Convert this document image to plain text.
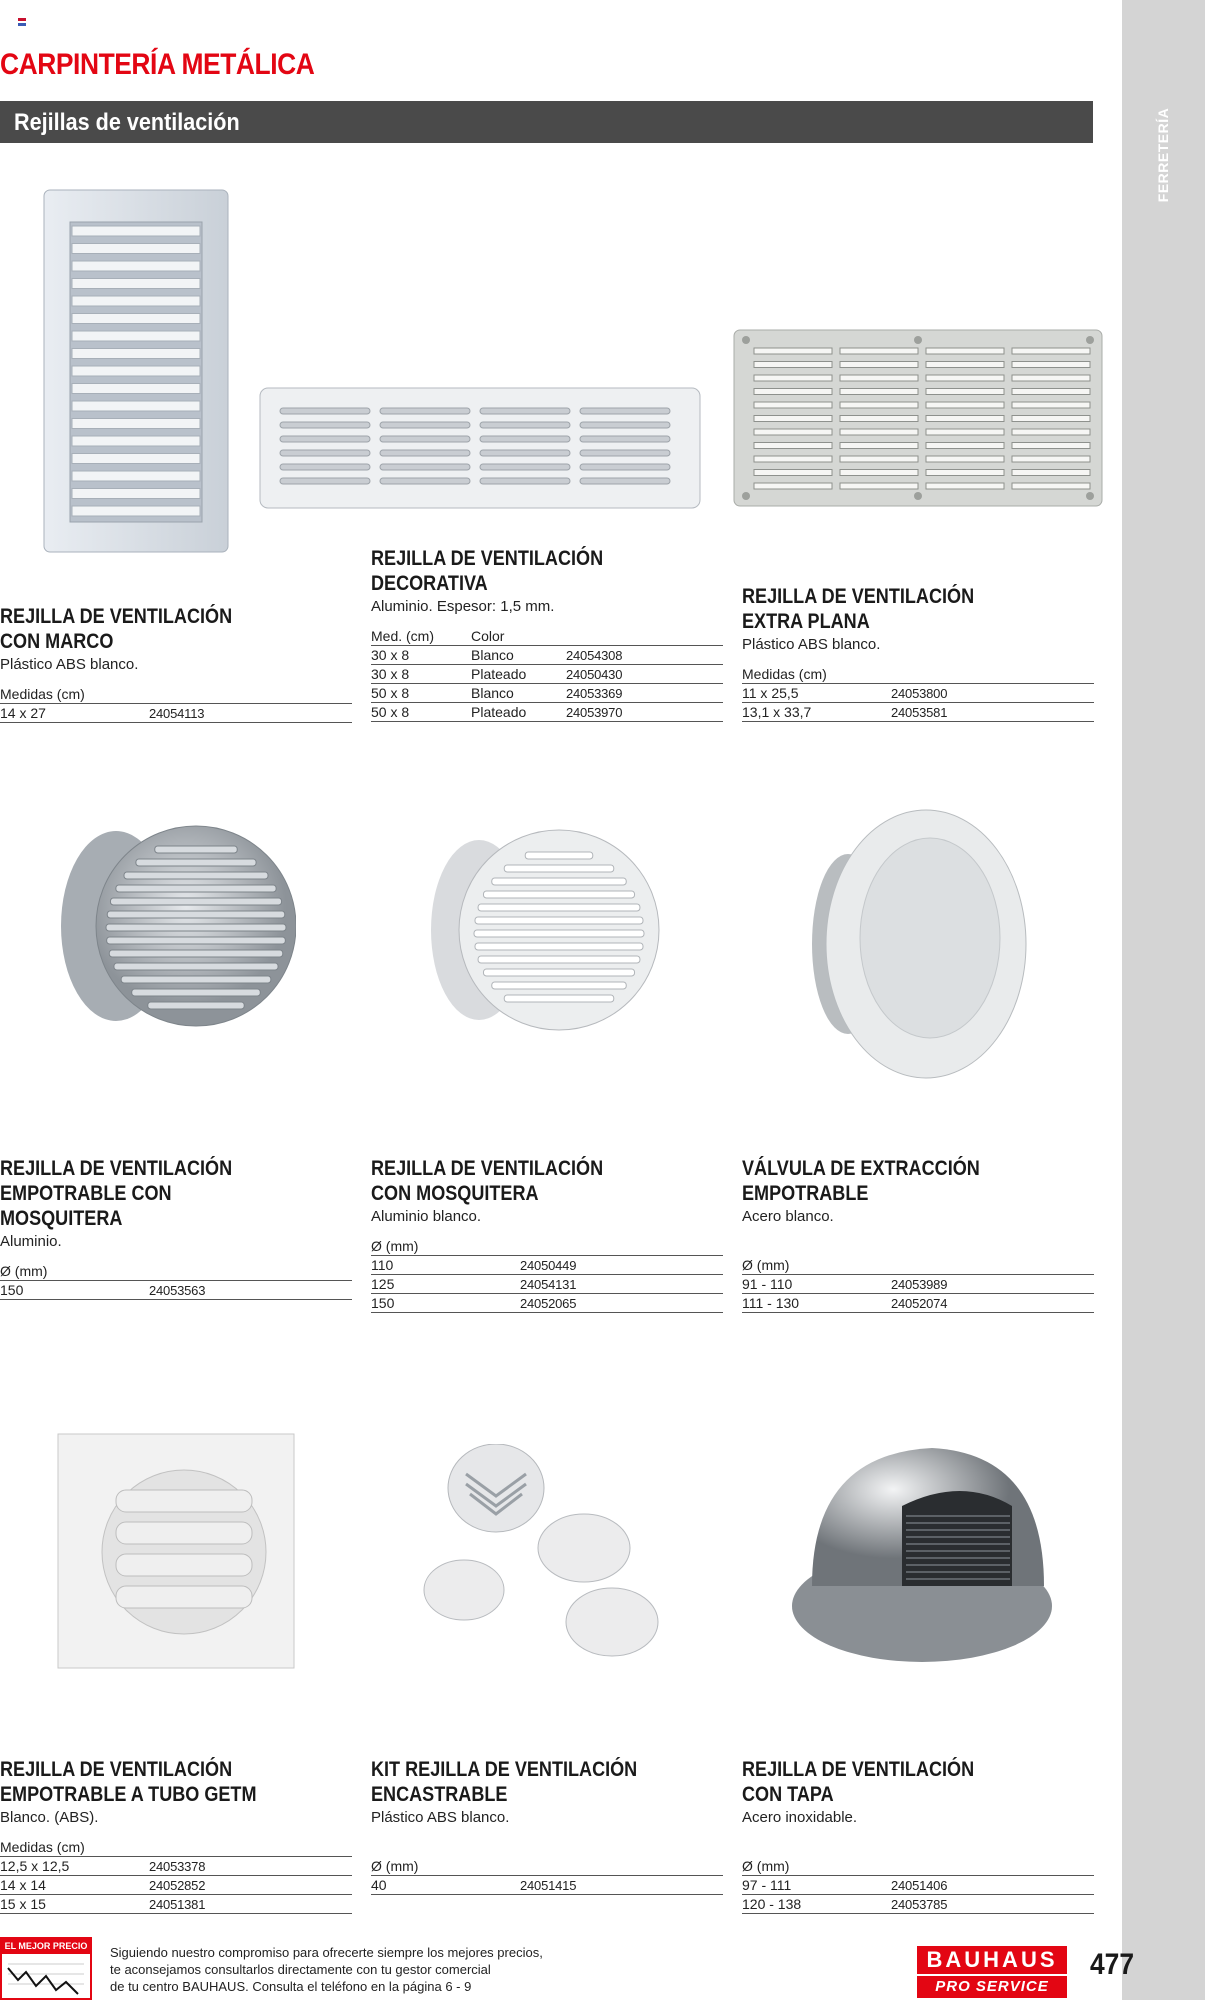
FERRETERÍA
CARPINTERÍA METÁLICA
Rejillas de ventilación
REJILLA DE VENTILACIÓN
CON MARCO
Plástico ABS blanco.
Medidas (cm)
14 x 27	24054113
REJILLA DE VENTILACIÓN
DECORATIVA
Aluminio. Espesor: 1,5 mm.
Med. (cm)	Color
30 x 8	Blanco	24054308
30 x 8	Plateado	24050430
50 x 8	Blanco	24053369
50 x 8	Plateado	24053970
REJILLA DE VENTILACIÓN
EXTRA PLANA
Plástico ABS blanco.
Medidas (cm)
11 x 25,5	24053800
13,1 x 33,7	24053581
REJILLA DE VENTILACIÓN
EMPOTRABLE CON
MOSQUITERA
Aluminio.
Ø (mm)
150	24053563
REJILLA DE VENTILACIÓN
CON MOSQUITERA
Aluminio blanco.
Ø (mm)
110	24050449
125	24054131
150	24052065
VÁLVULA DE EXTRACCIÓN
EMPOTRABLE
Acero blanco.
Ø (mm)
91 - 110	24053989
111 - 130	24052074
REJILLA DE VENTILACIÓN
EMPOTRABLE A TUBO GETM
Blanco. (ABS).
Medidas (cm)
12,5 x 12,5	24053378
14 x 14	24052852
15 x 15	24051381
KIT REJILLA DE VENTILACIÓN
ENCASTRABLE
Plástico ABS blanco.
Ø (mm)
40	24051415
REJILLA DE VENTILACIÓN
CON TAPA
Acero inoxidable.
Ø (mm)
97 - 111	24051406
120 - 138	24053785
EL MEJOR PRECIO Siguiendo nuestro compromiso para ofrecerte siempre los mejores precios,
te aconsejamos consultarlos directamente con tu gestor comercial
de tu centro BAUHAUS. Consulta el teléfono en la página 6 - 9
BAUHAUS
PRO SERVICE
477
